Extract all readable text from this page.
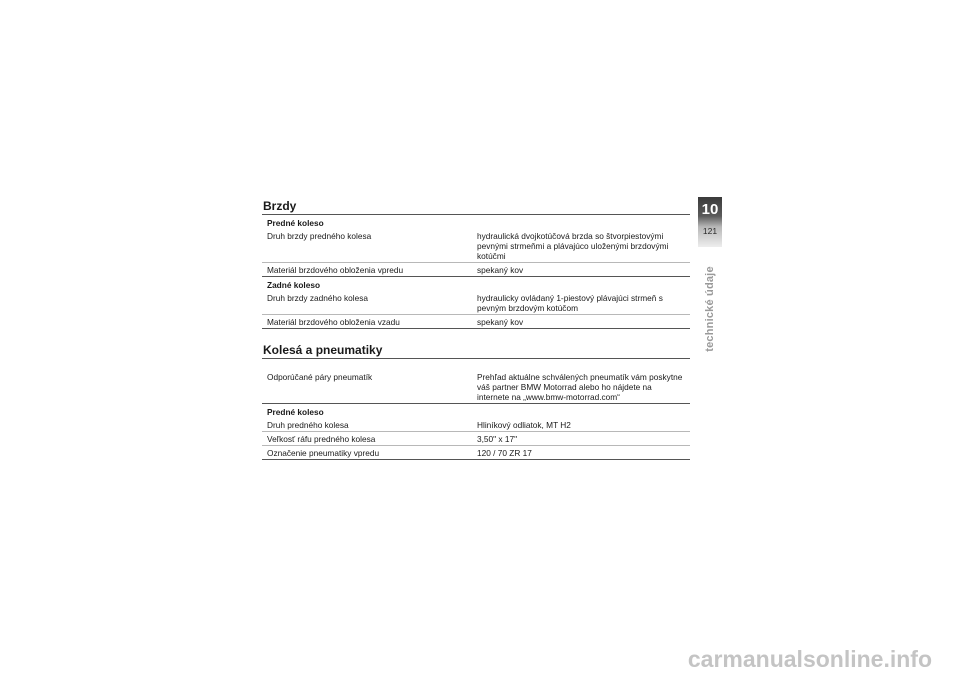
Brzdy
Predné koleso
Druh brzdy predného kolesa	hydraulická dvojkotúčová brzda so štvorpiestovými pevnými strmeňmi a plávajúco uloženými brzdovými kotúčmi
Materiál brzdového obloženia vpredu	spekaný kov
Zadné koleso
Druh brzdy zadného kolesa	hydraulicky ovládaný 1-piestový plávajúci strmeň s pevným brzdovým kotúčom
Materiál brzdového obloženia vzadu	spekaný kov
Kolesá a pneumatiky
Odporúčané páry pneumatík	Prehľad aktuálne schválených pneumatík vám poskytne váš partner BMW Motorrad alebo ho nájdete na internete na „www.bmw-motorrad.com“
Predné koleso
Druh predného kolesa	Hliníkový odliatok, MT H2
Veľkosť ráfu predného kolesa	3,50" x 17"
Označenie pneumatiky vpredu	120 / 70 ZR 17
10
121
technické údaje
carmanualsonline.info
